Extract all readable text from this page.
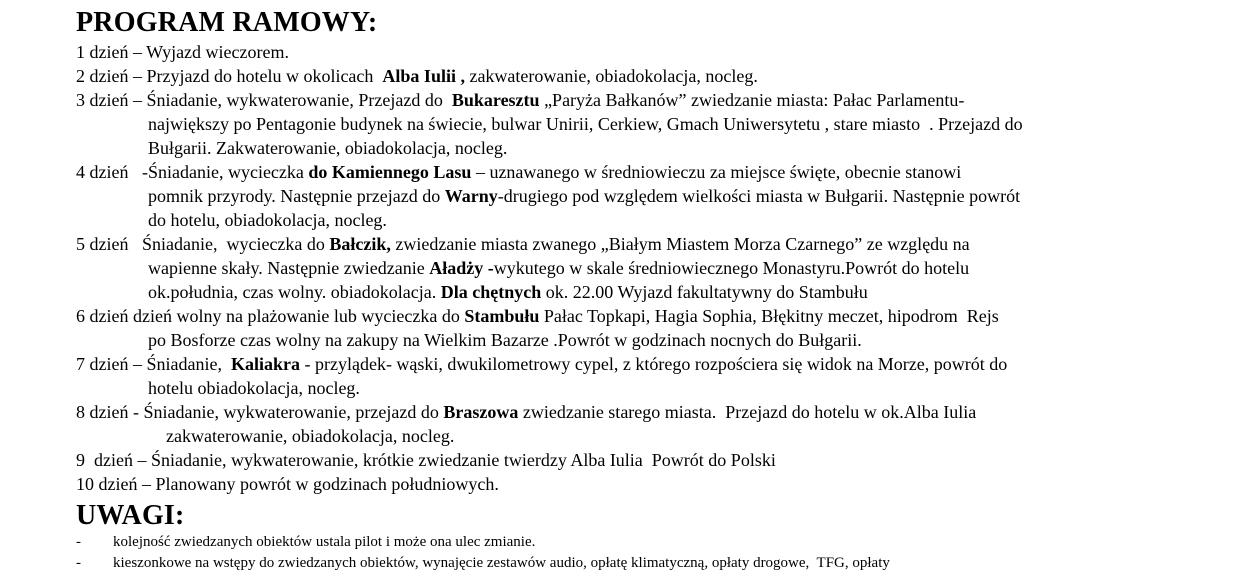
PROGRAM RAMOWY:
1 dzień – Wyjazd wieczorem.
2 dzień – Przyjazd do hotelu w okolicach  Alba Iulii , zakwaterowanie, obiadokolacja, nocleg.
3 dzień – Śniadanie, wykwaterowanie, Przejazd do  Bukaresztu „Paryża Bałkanów” zwiedzanie miasta: Pałac Parlamentu-
największy po Pentagonie budynek na świecie, bulwar Unirii, Cerkiew, Gmach Uniwersytetu , stare miasto  . Przejazd do
Bułgarii. Zakwaterowanie, obiadokolacja, nocleg.
4 dzień   -Śniadanie, wycieczka do Kamiennego Lasu – uznawanego w średniowieczu za miejsce święte, obecnie stanowi
pomnik przyrody. Następnie przejazd do Warny-drugiego pod względem wielkości miasta w Bułgarii. Następnie powrót
do hotelu, obiadokolacja, nocleg.
5 dzień   Śniadanie,  wycieczka do Bałczik, zwiedzanie miasta zwanego „Białym Miastem Morza Czarnego” ze względu na
wapienne skały. Następnie zwiedzanie Aładży -wykutego w skale średniowiecznego Monastyru.Powrót do hotelu
ok.południa, czas wolny. obiadokolacja. Dla chętnych ok. 22.00 Wyjazd fakultatywny do Stambułu
6 dzień dzień wolny na plażowanie lub wycieczka do Stambułu Pałac Topkapi, Hagia Sophia, Błękitny meczet, hipodrom  Rejs
po Bosforze czas wolny na zakupy na Wielkim Bazarze .Powrót w godzinach nocnych do Bułgarii.
7 dzień – Śniadanie,  Kaliakra - przylądek- wąski, dwukilometrowy cypel, z którego rozpościera się widok na Morze, powrót do
hotelu obiadokolacja, nocleg.
8 dzień - Śniadanie, wykwaterowanie, przejazd do Braszowa zwiedzanie starego miasta.  Przejazd do hotelu w ok.Alba Iulia
zakwaterowanie, obiadokolacja, nocleg.
9  dzień – Śniadanie, wykwaterowanie, krótkie zwiedzanie twierdzy Alba Iulia  Powrót do Polski
10 dzień – Planowany powrót w godzinach południowych.
UWAGI:
- kolejność zwiedzanych obiektów ustala pilot i może ona ulec zmianie.
- kieszonkowe na wstępy do zwiedzanych obiektów, wynajęcie zestawów audio, opłatę klimatyczną, opłaty drogowe,  TFG, opłaty
